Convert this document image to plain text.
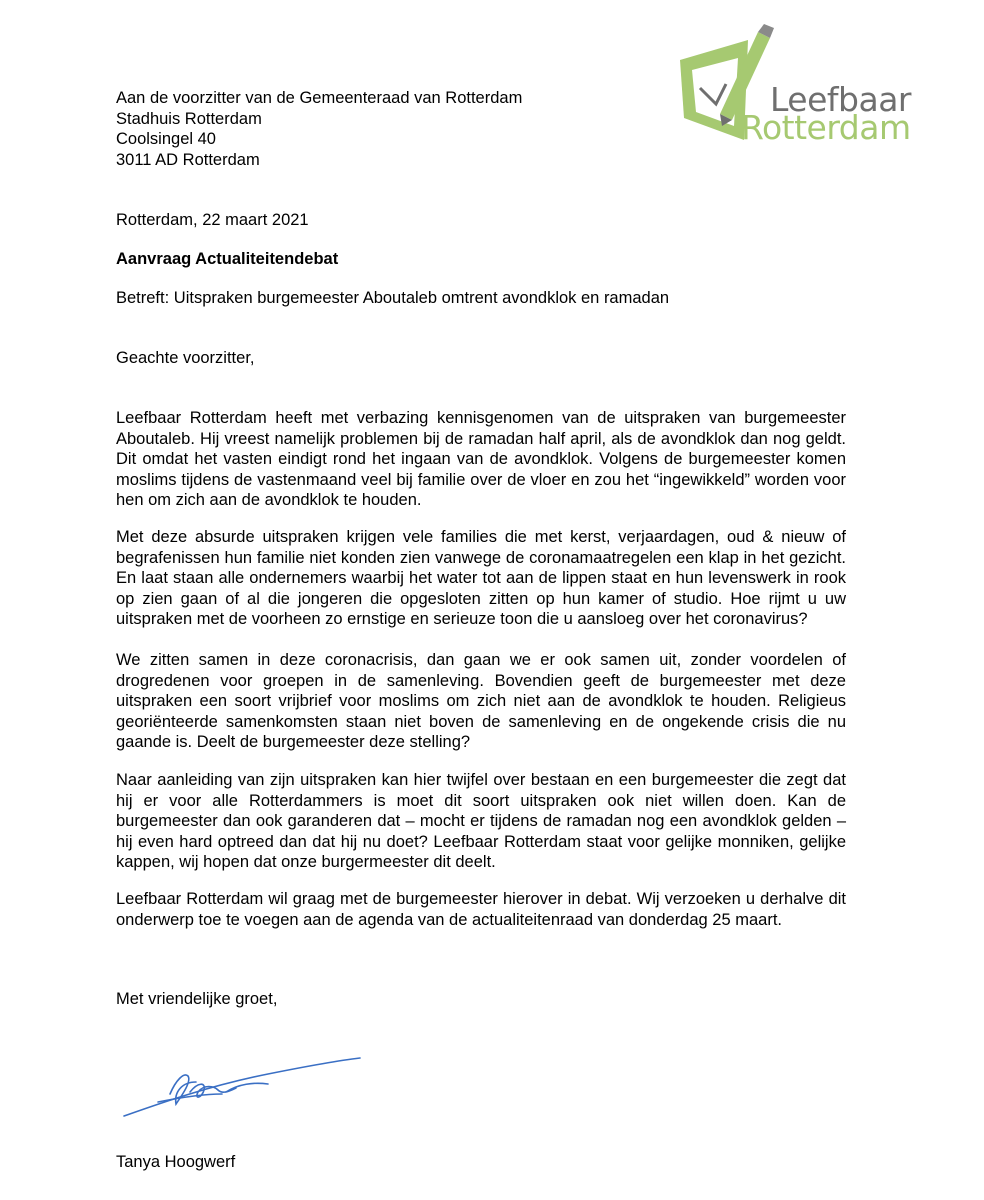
Leefbaar
Rotterdam
Aan de voorzitter van de Gemeenteraad van Rotterdam
Stadhuis Rotterdam
Coolsingel 40
3011 AD Rotterdam
Rotterdam, 22 maart 2021
Aanvraag Actualiteitendebat
Betreft: Uitspraken burgemeester Aboutaleb omtrent avondklok en ramadan
Geachte voorzitter,
Leefbaar Rotterdam heeft met verbazing kennisgenomen van de uitspraken van burgemeester Aboutaleb. Hij vreest namelijk problemen bij de ramadan half april, als de avondklok dan nog geldt. Dit omdat het vasten eindigt rond het ingaan van de avondklok. Volgens de burgemeester komen moslims tijdens de vastenmaand veel bij familie over de vloer en zou het “ingewikkeld” worden voor hen om zich aan de avondklok te houden.
Met deze absurde uitspraken krijgen vele families die met kerst, verjaardagen, oud & nieuw of begrafenissen hun familie niet konden zien vanwege de coronamaatregelen een klap in het gezicht. En laat staan alle ondernemers waarbij het water tot aan de lippen staat en hun levenswerk in rook op zien gaan of al die jongeren die opgesloten zitten op hun kamer of studio. Hoe rijmt u uw uitspraken met de voorheen zo ernstige en serieuze toon die u aansloeg over het coronavirus?
We zitten samen in deze coronacrisis, dan gaan we er ook samen uit, zonder voordelen of drogredenen voor groepen in de samenleving. Bovendien geeft de burgemeester met deze uitspraken een soort vrijbrief voor moslims om zich niet aan de avondklok te houden. Religieus georiënteerde samenkomsten staan niet boven de samenleving en de ongekende crisis die nu gaande is. Deelt de burgemeester deze stelling?
Naar aanleiding van zijn uitspraken kan hier twijfel over bestaan en een burgemeester die zegt dat hij er voor alle Rotterdammers is moet dit soort uitspraken ook niet willen doen. Kan de burgemeester dan ook garanderen dat – mocht er tijdens de ramadan nog een avondklok gelden – hij even hard optreed dan dat hij nu doet? Leefbaar Rotterdam staat voor gelijke monniken, gelijke kappen, wij hopen dat onze burgermeester dit deelt.
Leefbaar Rotterdam wil graag met de burgemeester hierover in debat. Wij verzoeken u derhalve dit onderwerp toe te voegen aan de agenda van de actualiteitenraad van donderdag 25 maart.
Met vriendelijke groet,
Tanya Hoogwerf
